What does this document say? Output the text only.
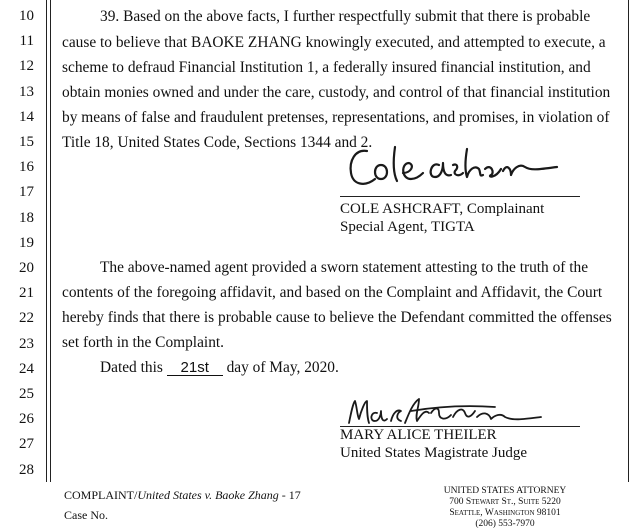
10
11
12
13
14
15
16
17
18
19
20
21
22
23
24
25
26
27
28
39. Based on the above facts, I further respectfully submit that there is probable
cause to believe that BAOKE ZHANG knowingly executed, and attempted to execute, a
scheme to defraud Financial Institution 1, a federally insured financial institution, and
obtain monies owned and under the care, custody, and control of that financial institution
by means of false and fraudulent pretenses, representations, and promises, in violation of
Title 18, United States Code, Sections 1344 and 2.
COLE ASHCRAFT, Complainant
Special Agent, TIGTA
The above-named agent provided a sworn statement attesting to the truth of the
contents of the foregoing affidavit, and based on the Complaint and Affidavit, the Court
hereby finds that there is probable cause to believe the Defendant committed the offenses
set forth in the Complaint.
Dated this 21st day of May, 2020.
MARY ALICE THEILER
United States Magistrate Judge
COMPLAINT/United States v. Baoke Zhang - 17
Case No.
UNITED STATES ATTORNEY
700 Stewart St., Suite 5220
Seattle, Washington 98101
(206) 553-7970
